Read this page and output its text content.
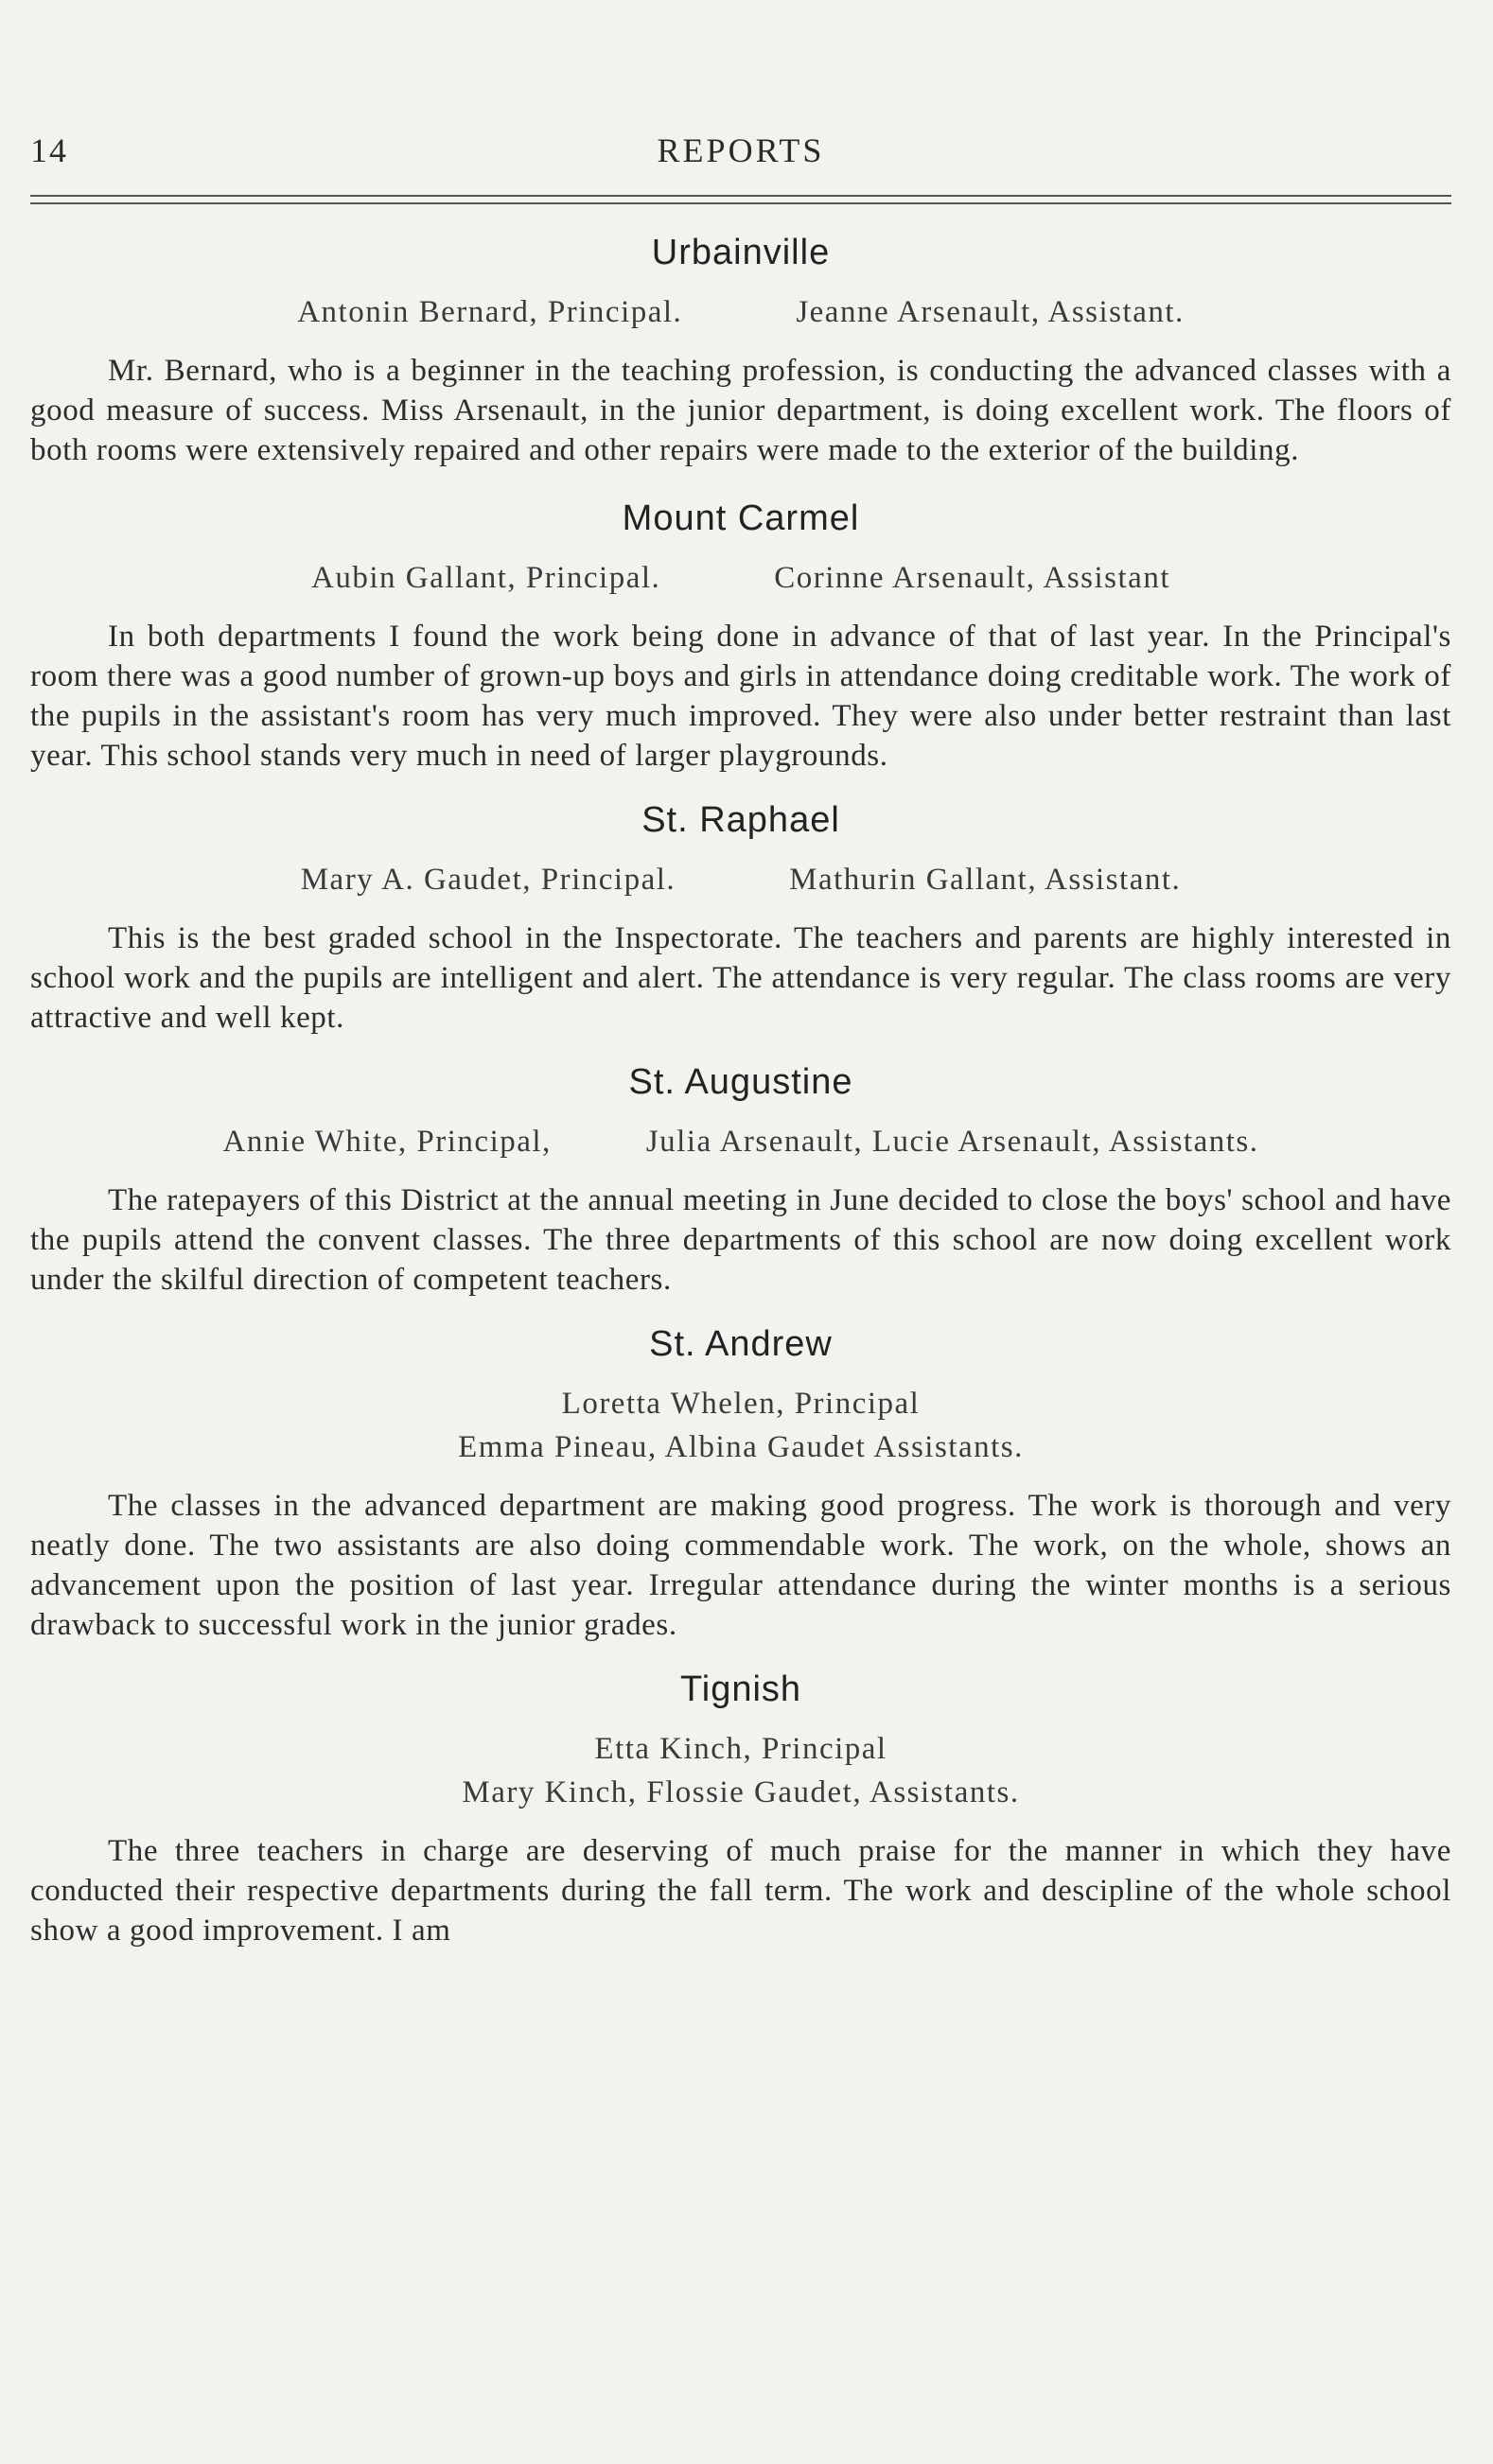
14	REPORTS
Urbainville
Antonin Bernard, Principal.	Jeanne Arsenault, Assistant.

Mr. Bernard, who is a beginner in the teaching profession, is conducting the advanced classes with a good measure of success. Miss Arsenault, in the junior department, is doing excellent work. The floors of both rooms were extensively repaired and other repairs were made to the exterior of the building.

Mount Carmel
Aubin Gallant, Principal.	Corinne Arsenault, Assistant

In both departments I found the work being done in advance of that of last year. In the Principal's room there was a good number of grown-up boys and girls in attendance doing creditable work. The work of the pupils in the assistant's room has very much improved. They were also under better restraint than last year. This school stands very much in need of larger playgrounds.

St. Raphael
Mary A. Gaudet, Principal.	Mathurin Gallant, Assistant.

This is the best graded school in the Inspectorate. The teachers and parents are highly interested in school work and the pupils are intelligent and alert. The attendance is very regular. The class rooms are very attractive and well kept.

St. Augustine
Annie White, Principal,	Julia Arsenault, Lucie Arsenault, Assistants.

The ratepayers of this District at the annual meeting in June decided to close the boys' school and have the pupils attend the convent classes. The three departments of this school are now doing excellent work under the skilful direction of competent teachers.

St. Andrew
Loretta Whelen, Principal
Emma Pineau, Albina Gaudet Assistants.

The classes in the advanced department are making good progress. The work is thorough and very neatly done. The two assistants are also doing commendable work. The work, on the whole, shows an advancement upon the position of last year. Irregular attendance during the winter months is a serious drawback to successful work in the junior grades.

Tignish
Etta Kinch, Principal
Mary Kinch, Flossie Gaudet, Assistants.

The three teachers in charge are deserving of much praise for the manner in which they have conducted their respective departments during the fall term. The work and descipline of the whole school show a good improvement. I am
